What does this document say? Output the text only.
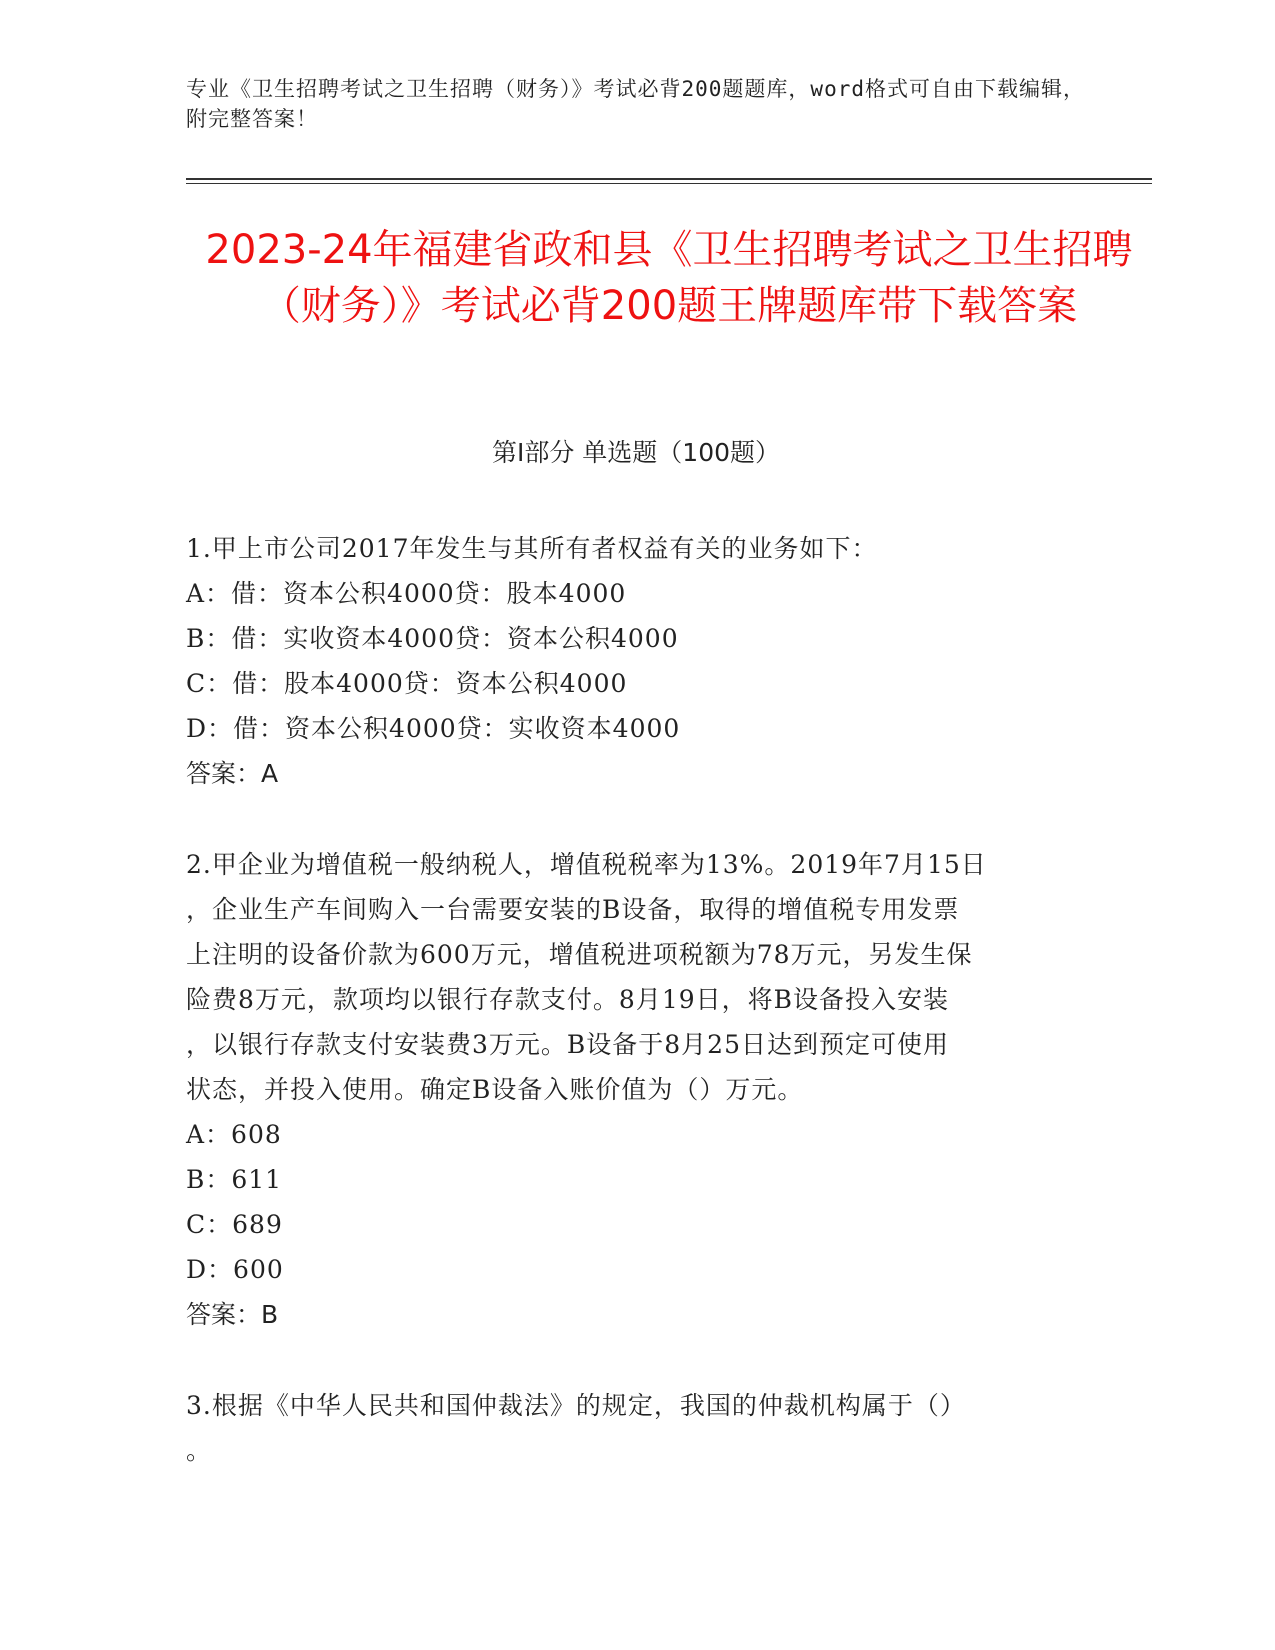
专业《卫生招聘考试之卫生招聘（财务）》考试必背200题题库，word格式可自由下载编辑，附完整答案！
2023-24年福建省政和县《卫生招聘考试之卫生招聘（财务）》考试必背200题王牌题库带下载答案
第I部分 单选题（100题）
1.甲上市公司2017年发生与其所有者权益有关的业务如下：
A：借：资本公积4000贷：股本4000
B：借：实收资本4000贷：资本公积4000
C：借：股本4000贷：资本公积4000
D：借：资本公积4000贷：实收资本4000
答案：A
2.甲企业为增值税一般纳税人，增值税税率为13%。2019年7月15日
，企业生产车间购入一台需要安装的B设备，取得的增值税专用发票
上注明的设备价款为600万元，增值税进项税额为78万元，另发生保
险费8万元，款项均以银行存款支付。8月19日，将B设备投入安装
，以银行存款支付安装费3万元。B设备于8月25日达到预定可使用
状态，并投入使用。确定B设备入账价值为（）万元。
A：608
B：611
C：689
D：600
答案：B
3.根据《中华人民共和国仲裁法》的规定，我国的仲裁机构属于（）
。
